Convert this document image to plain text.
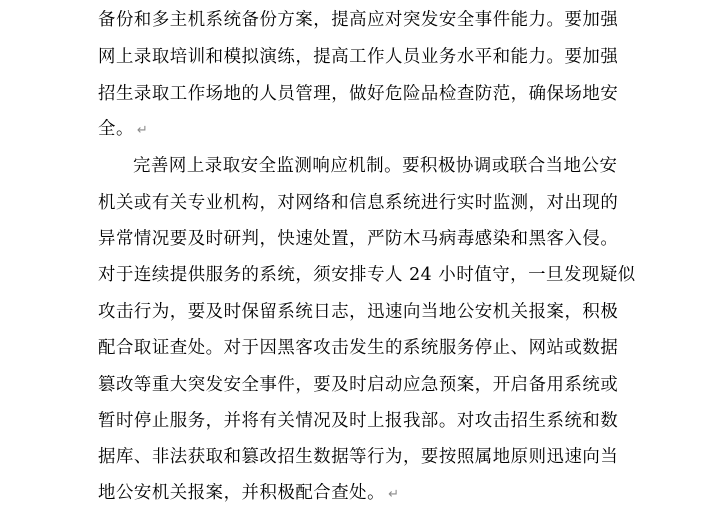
备份和多主机系统备份方案，提高应对突发安全事件能力。要加强
网上录取培训和模拟演练，提高工作人员业务水平和能力。要加强
招生录取工作场地的人员管理，做好危险品检查防范，确保场地安
全。 ↵
完善网上录取安全监测响应机制。要积极协调或联合当地公安
机关或有关专业机构，对网络和信息系统进行实时监测，对出现的
异常情况要及时研判，快速处置，严防木马病毒感染和黑客入侵。
对于连续提供服务的系统，须安排专人 24 小时值守，一旦发现疑似
攻击行为，要及时保留系统日志，迅速向当地公安机关报案，积极
配合取证查处。对于因黑客攻击发生的系统服务停止、网站或数据
篡改等重大突发安全事件，要及时启动应急预案，开启备用系统或
暂时停止服务，并将有关情况及时上报我部。对攻击招生系统和数
据库、非法获取和篡改招生数据等行为，要按照属地原则迅速向当
地公安机关报案，并积极配合查处。 ↵
